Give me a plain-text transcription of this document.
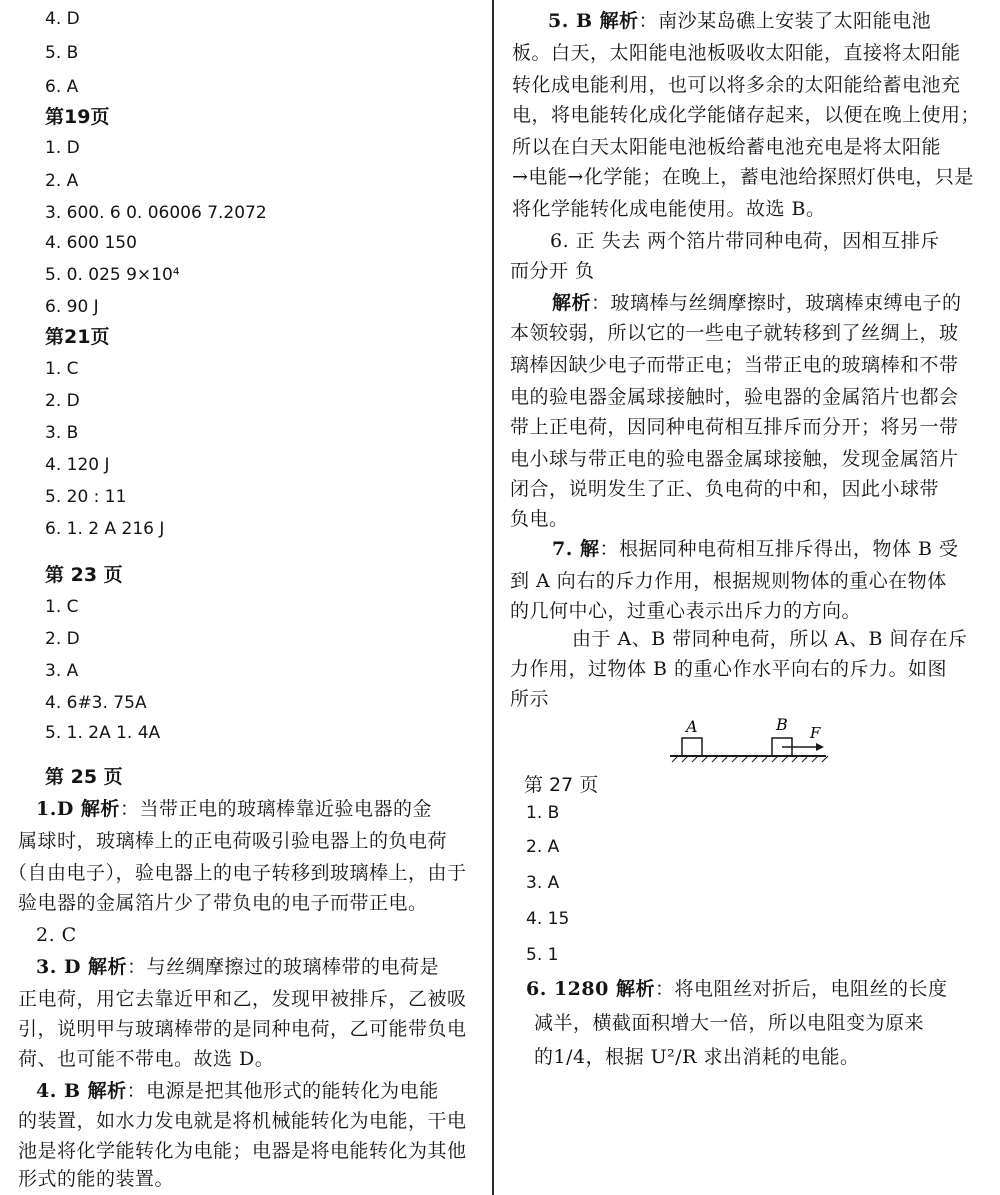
4. D
5. B
6. A
第19页
1. D
2. A
3. 600. 6 0. 06006 7.2072
4. 600 150
5. 0. 025 9×10⁴
6. 90 J
第21页
1. C
2. D
3. B
4. 120 J
5. 20 : 11
6. 1. 2 A 216 J
第 23 页
1. C
2. D
3. A
4. 6#3. 75A
5. 1. 2A 1. 4A
第 25 页
1.D 解析：当带正电的玻璃棒靠近验电器的金
属球时，玻璃棒上的正电荷吸引验电器上的负电荷
（自由电子），验电器上的电子转移到玻璃棒上，由于
验电器的金属箔片少了带负电的电子而带正电。
2. C
3. D 解析：与丝绸摩擦过的玻璃棒带的电荷是
正电荷，用它去靠近甲和乙，发现甲被排斥，乙被吸
引，说明甲与玻璃棒带的是同种电荷，乙可能带负电
荷、也可能不带电。故选 D。
4. B 解析：电源是把其他形式的能转化为电能
的装置，如水力发电就是将机械能转化为电能，干电
池是将化学能转化为电能；电器是将电能转化为其他
形式的能的装置。
5. B 解析：南沙某岛礁上安装了太阳能电池
板。白天，太阳能电池板吸收太阳能，直接将太阳能
转化成电能利用，也可以将多余的太阳能给蓄电池充
电，将电能转化成化学能储存起来，以便在晚上使用；
所以在白天太阳能电池板给蓄电池充电是将太阳能
→电能→化学能；在晚上，蓄电池给探照灯供电，只是
将化学能转化成电能使用。故选 B。
6. 正 失去 两个箔片带同种电荷，因相互排斥
而分开 负
解析：玻璃棒与丝绸摩擦时，玻璃棒束缚电子的
本领较弱，所以它的一些电子就转移到了丝绸上，玻
璃棒因缺少电子而带正电；当带正电的玻璃棒和不带
电的验电器金属球接触时，验电器的金属箔片也都会
带上正电荷，因同种电荷相互排斥而分开；将另一带
电小球与带正电的验电器金属球接触，发现金属箔片
闭合，说明发生了正、负电荷的中和，因此小球带
负电。
7. 解：根据同种电荷相互排斥得出，物体 B 受
到 A 向右的斥力作用，根据规则物体的重心在物体
的几何中心，过重心表示出斥力的方向。
由于 A、B 带同种电荷，所以 A、B 间存在斥
力作用，过物体 B 的重心作水平向右的斥力。如图
所示
A	B F
第 27 页
1. B
2. A
3. A
4. 15
5. 1
6. 1280 解析：将电阻丝对折后，电阻丝的长度
减半，横截面积增大一倍，所以电阻变为原来
的1/4，根据 U²/R 求出消耗的电能。
